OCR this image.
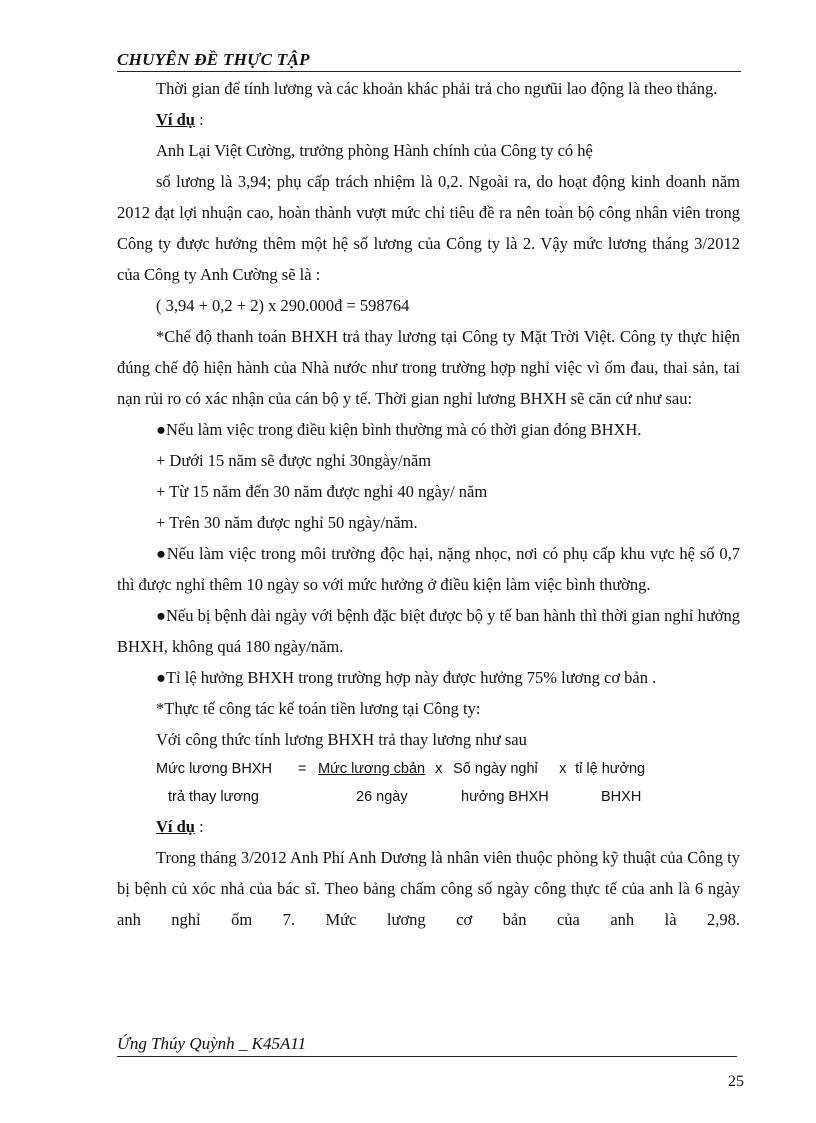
CHUYÊN ĐỀ THỰC TẬP

Thời gian để tính lương và các khoản khác phải trả cho ngưũi lao động là theo tháng.

Ví dụ :

Anh Lại Việt Cường, trưởng phòng Hành chính của Công ty có hệ

số lương là 3,94; phụ cấp trách nhiệm là 0,2. Ngoài ra, do hoạt động kinh doanh năm 2012 đạt lợi nhuận cao, hoàn thành vượt mức chỉ tiêu đề ra nên toàn bộ công nhân viên trong Công ty được hưởng thêm một hệ số lương của Công ty là 2. Vậy mức lương tháng 3/2012 của Công ty Anh Cường sẽ là :

( 3,94 + 0,2 + 2) x 290.000đ = 598764

*Chế độ thanh toán BHXH trả thay lương tại Công ty Mặt Trời Việt. Công ty thực hiện đúng chế độ hiện hành của Nhà nước như trong trường hợp nghỉ việc vì ốm đau, thai sản, tai nạn rủi ro có xác nhận của cán bộ y tế. Thời gian nghỉ lương BHXH sẽ căn cứ như sau:

●Nếu làm việc trong điều kiện bình thường mà có thời gian đóng BHXH.

+ Dưới 15 năm sẽ được nghỉ 30ngày/năm

+ Từ 15 năm đến 30 năm được nghỉ 40 ngày/ năm

+ Trên 30 năm được nghỉ 50 ngày/năm.

●Nếu làm việc trong môi trường độc hại, nặng nhọc, nơi có phụ cấp khu vực hệ số 0,7 thì được nghỉ thêm 10 ngày so với mức hưởng ở điều kiện làm việc bình thường.

●Nếu bị bệnh dài ngày với bệnh đặc biệt được bộ y tế ban hành thì thời gian nghỉ hưởng BHXH, không quá 180 ngày/năm.

●Tỉ lệ hưởng BHXH trong trường hợp này được hưởng 75% lương cơ bản .

*Thực tế công tác kế toán tiền lương tại Công ty:

Với công thức tính lương BHXH trả thay lương như sau

Mức lương BHXH = Mức lương cbản x Số ngày nghỉ x tỉ lệ hưởng
trả thay lương	26 ngày	hưởng BHXH	BHXH

Ví dụ :

Trong tháng 3/2012 Anh Phí Anh Dương là nhân viên thuộc phòng kỹ thuật của Công ty bị bệnh củ xóc nhả của bác sĩ. Theo bảng chấm công số ngày công thực tế của anh là 6 ngày anh nghỉ ốm 7. Mức lương cơ bản của anh là 2,98.

Ứng Thúy Quỳnh _ K45A11
25
